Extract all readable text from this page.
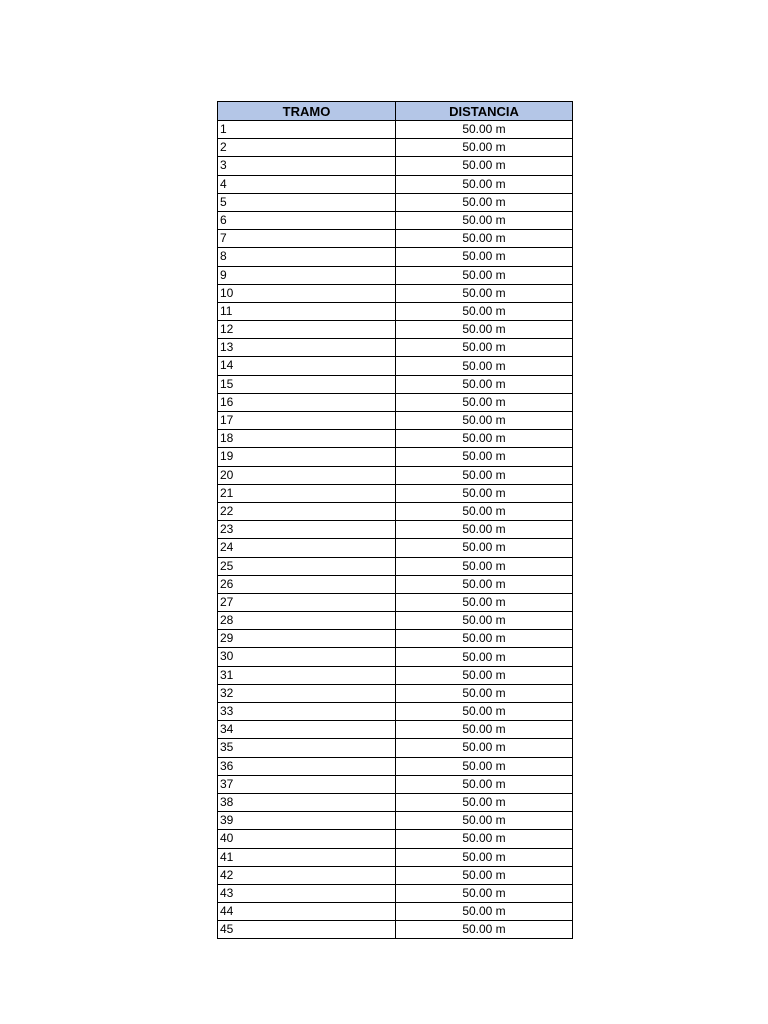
TRAMO	DISTANCIA
1	50.00 m
2	50.00 m
3	50.00 m
4	50.00 m
5	50.00 m
6	50.00 m
7	50.00 m
8	50.00 m
9	50.00 m
10	50.00 m
11	50.00 m
12	50.00 m
13	50.00 m
14	50.00 m
15	50.00 m
16	50.00 m
17	50.00 m
18	50.00 m
19	50.00 m
20	50.00 m
21	50.00 m
22	50.00 m
23	50.00 m
24	50.00 m
25	50.00 m
26	50.00 m
27	50.00 m
28	50.00 m
29	50.00 m
30	50.00 m
31	50.00 m
32	50.00 m
33	50.00 m
34	50.00 m
35	50.00 m
36	50.00 m
37	50.00 m
38	50.00 m
39	50.00 m
40	50.00 m
41	50.00 m
42	50.00 m
43	50.00 m
44	50.00 m
45	50.00 m
